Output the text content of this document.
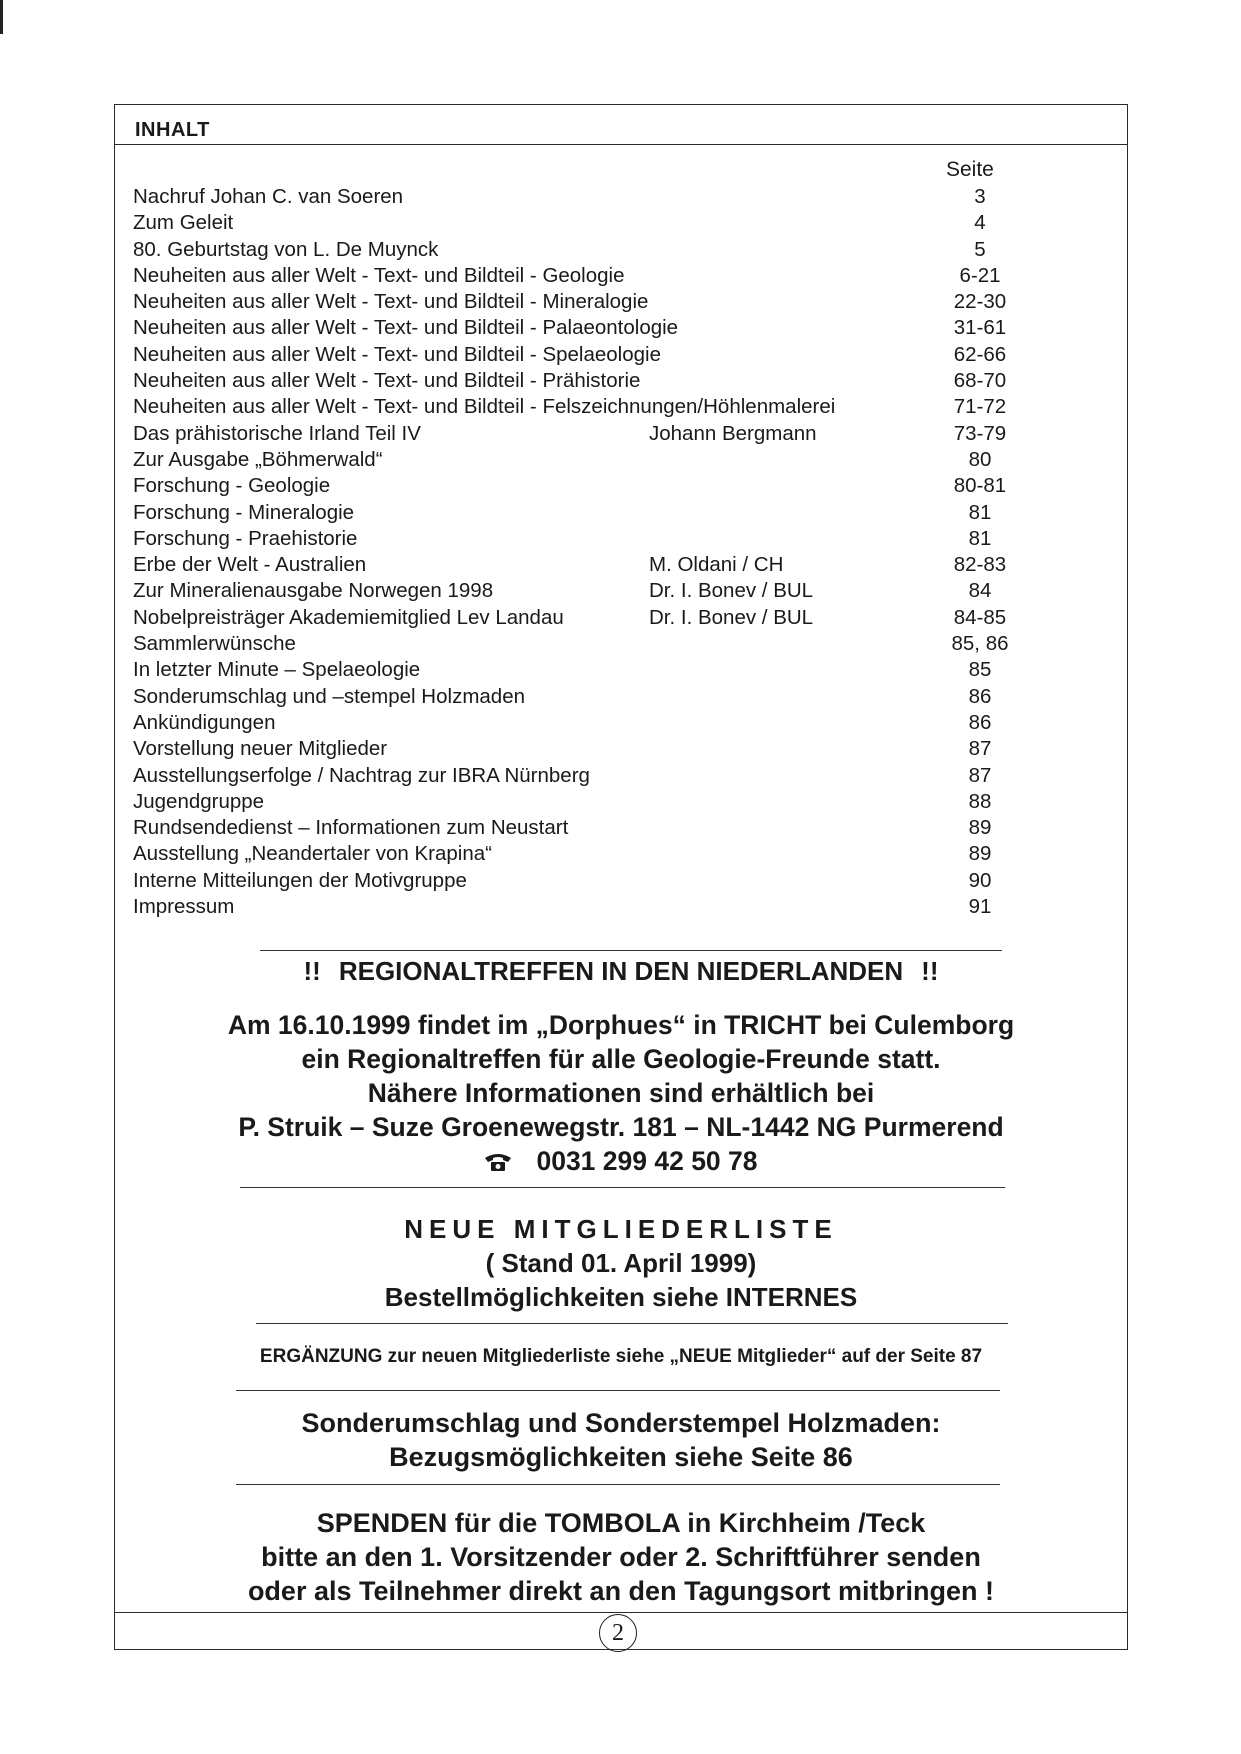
INHALT
Seite
Nachruf Johan C. van Soeren	3
Zum Geleit	4
80. Geburtstag von L. De Muynck	5
Neuheiten aus aller Welt - Text- und Bildteil - Geologie	6-21
Neuheiten aus aller Welt - Text- und Bildteil - Mineralogie	22-30
Neuheiten aus aller Welt - Text- und Bildteil - Palaeontologie	31-61
Neuheiten aus aller Welt - Text- und Bildteil - Spelaeologie	62-66
Neuheiten aus aller Welt - Text- und Bildteil - Prähistorie	68-70
Neuheiten aus aller Welt - Text- und Bildteil - Felszeichnungen/Höhlenmalerei	71-72
Das prähistorische Irland Teil IV	Johann Bergmann	73-79
Zur Ausgabe „Böhmerwald“	80
Forschung - Geologie	80-81
Forschung - Mineralogie	81
Forschung - Praehistorie	81
Erbe der Welt - Australien	M. Oldani / CH	82-83
Zur Mineralienausgabe Norwegen 1998	Dr. I. Bonev / BUL	84
Nobelpreisträger Akademiemitglied Lev Landau	Dr. I. Bonev / BUL	84-85
Sammlerwünsche	85, 86
In letzter Minute – Spelaeologie	85
Sonderumschlag und –stempel Holzmaden	86
Ankündigungen	86
Vorstellung neuer Mitglieder	87
Ausstellungserfolge / Nachtrag zur IBRA Nürnberg	87
Jugendgruppe	88
Rundsendedienst – Informationen zum Neustart	89
Ausstellung „Neandertaler von Krapina“	89
Interne Mitteilungen der Motivgruppe	90
Impressum	91
!! REGIONALTREFFEN IN DEN NIEDERLANDEN !!
Am 16.10.1999 findet im „Dorphues“ in TRICHT bei Culemborg
ein Regionaltreffen für alle Geologie-Freunde statt.
Nähere Informationen sind erhältlich bei
P. Struik – Suze Groenewegstr. 181 – NL-1442 NG Purmerend
0031 299 42 50 78
NEUE MITGLIEDERLISTE
( Stand 01. April 1999)
Bestellmöglichkeiten siehe INTERNES
ERGÄNZUNG zur neuen Mitgliederliste siehe „NEUE Mitglieder“ auf der Seite 87
Sonderumschlag und Sonderstempel Holzmaden:
Bezugsmöglichkeiten siehe Seite 86
SPENDEN für die TOMBOLA in Kirchheim /Teck
bitte an den 1. Vorsitzender oder 2. Schriftführer senden
oder als Teilnehmer direkt an den Tagungsort mitbringen !
2
